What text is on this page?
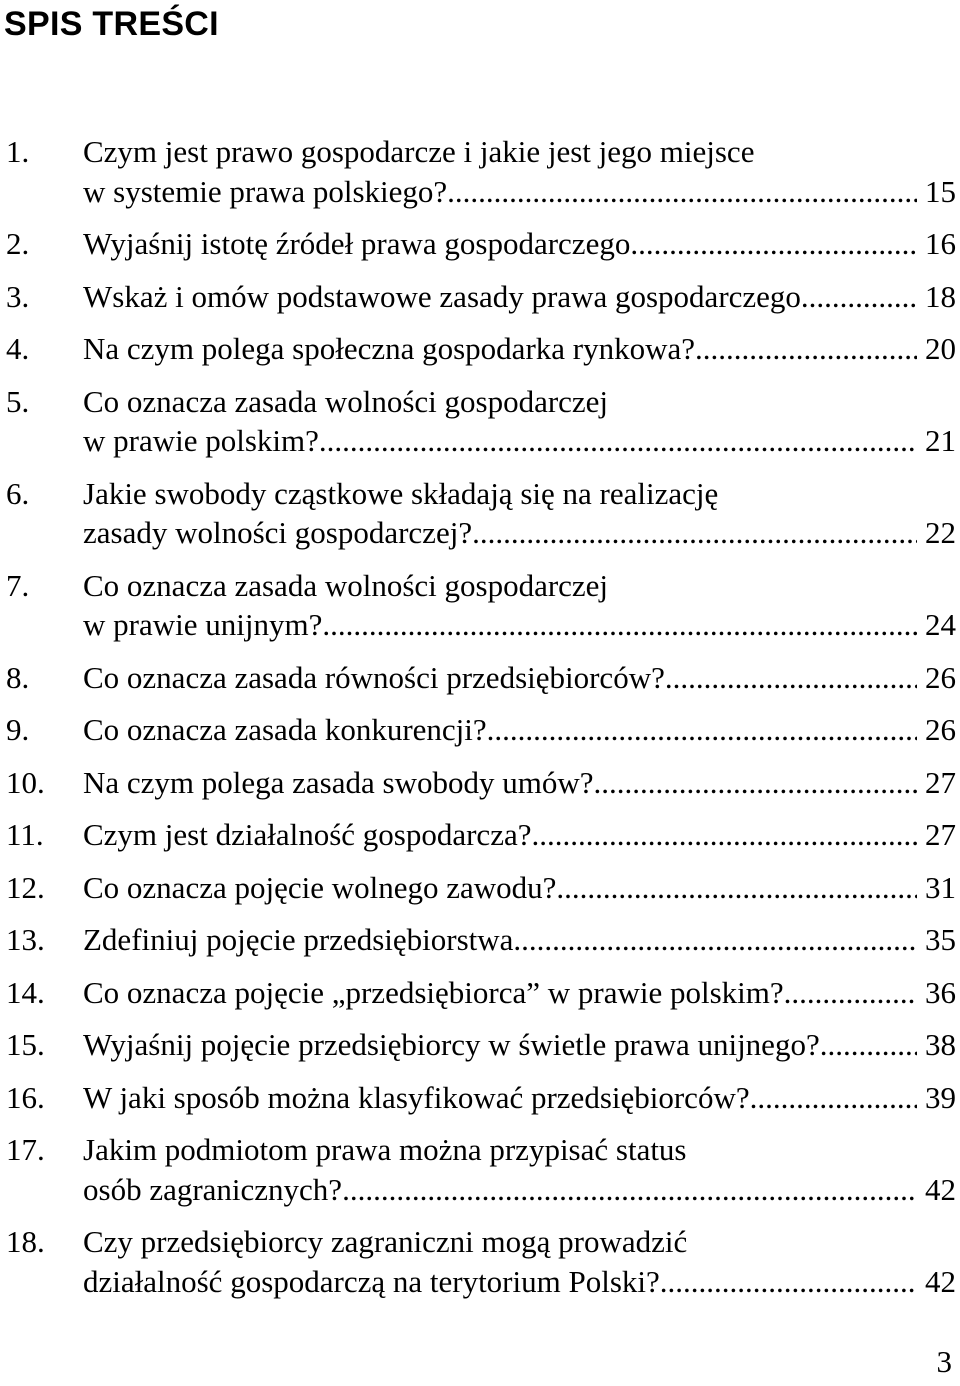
SPIS TREŚCI
1.	Czym jest prawo gospodarcze i jakie jest jego miejsce
w systemie prawa polskiego? .....	15
2.	Wyjaśnij istotę źródeł prawa gospodarczego. .....	16
3.	Wskaż i omów podstawowe zasady prawa gospodarczego. .....	18
4.	Na czym polega społeczna gospodarka rynkowa? .....	20
5.	Co oznacza zasada wolności gospodarczej
w prawie polskim? .....	21
6.	Jakie swobody cząstkowe składają się na realizację
zasady wolności gospodarczej? .....	22
7.	Co oznacza zasada wolności gospodarczej
w prawie unijnym? .....	24
8.	Co oznacza zasada równości przedsiębiorców? .....	26
9.	Co oznacza zasada konkurencji? .....	26
10.	Na czym polega zasada swobody umów? .....	27
11.	Czym jest działalność gospodarcza? .....	27
12.	Co oznacza pojęcie wolnego zawodu? .....	31
13.	Zdefiniuj pojęcie przedsiębiorstwa .....	35
14.	Co oznacza pojęcie „przedsiębiorca” w prawie polskim? .....	36
15.	Wyjaśnij pojęcie przedsiębiorcy w świetle prawa unijnego? .....	38
16.	W jaki sposób można klasyfikować przedsiębiorców? .....	39
17.	Jakim podmiotom prawa można przypisać status
osób zagranicznych? .....	42
18.	Czy przedsiębiorcy zagraniczni mogą prowadzić
działalność gospodarczą na terytorium Polski? .....	42
3
